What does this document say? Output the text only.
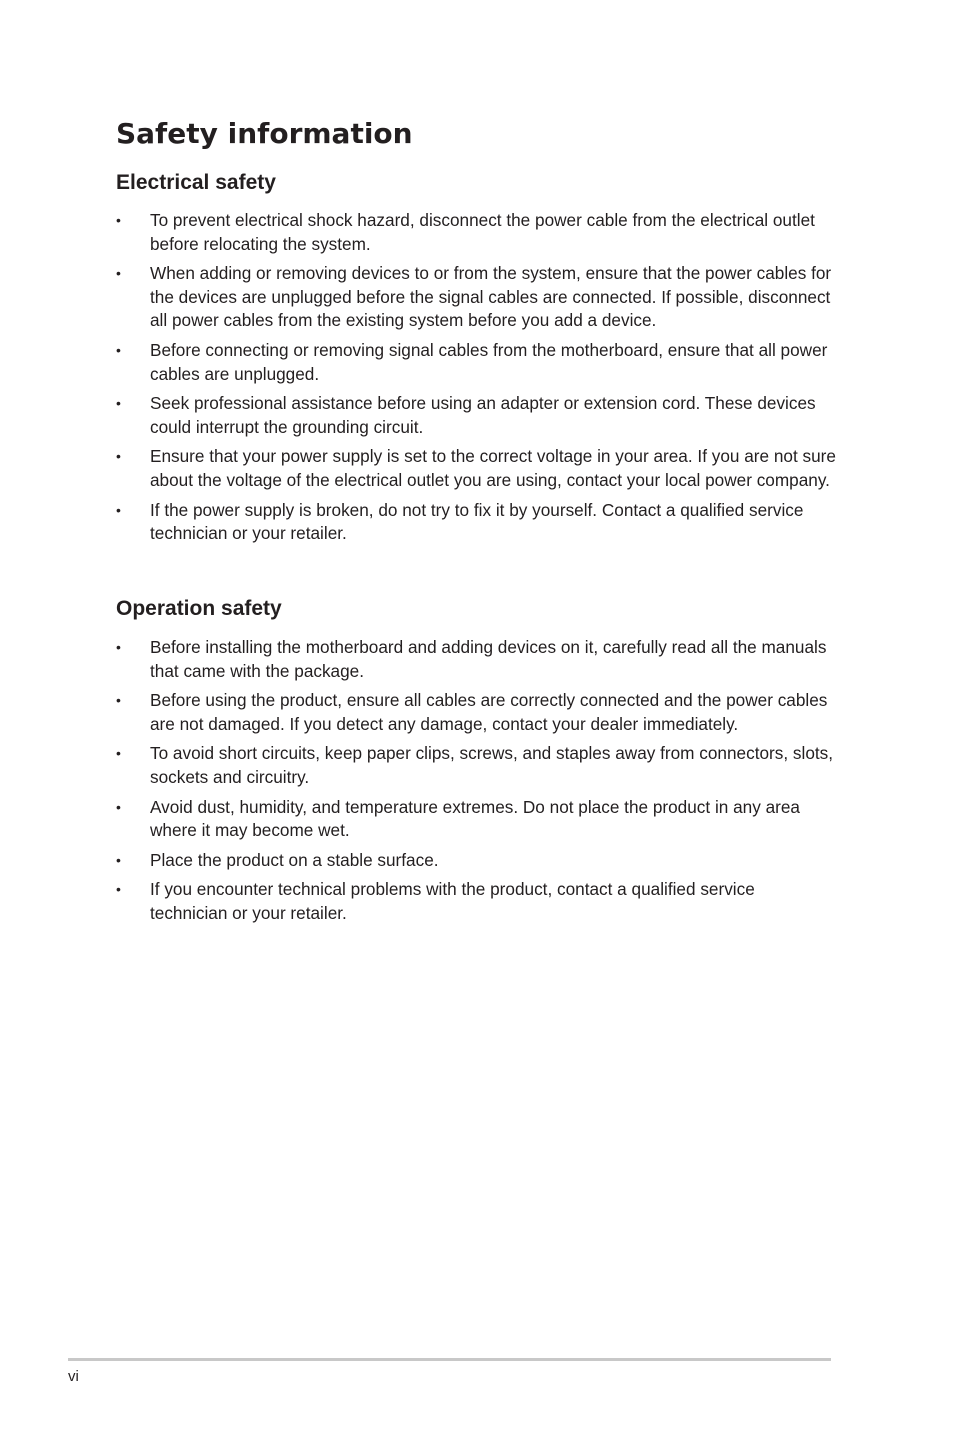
Safety information
Electrical safety
• To prevent electrical shock hazard, disconnect the power cable from the electrical outlet before relocating the system.
• When adding or removing devices to or from the system, ensure that the power cables for the devices are unplugged before the signal cables are connected. If possible, disconnect all power cables from the existing system before you add a device.
• Before connecting or removing signal cables from the motherboard, ensure that all power cables are unplugged.
• Seek professional assistance before using an adapter or extension cord. These devices could interrupt the grounding circuit.
• Ensure that your power supply is set to the correct voltage in your area. If you are not sure about the voltage of the electrical outlet you are using, contact your local power company.
• If the power supply is broken, do not try to fix it by yourself. Contact a qualified service technician or your retailer.
Operation safety
• Before installing the motherboard and adding devices on it, carefully read all the manuals that came with the package.
• Before using the product, ensure all cables are correctly connected and the power cables are not damaged. If you detect any damage, contact your dealer immediately.
• To avoid short circuits, keep paper clips, screws, and staples away from connectors, slots, sockets and circuitry.
• Avoid dust, humidity, and temperature extremes. Do not place the product in any area where it may become wet.
• Place the product on a stable surface.
• If you encounter technical problems with the product, contact a qualified service technician or your retailer.
vi
